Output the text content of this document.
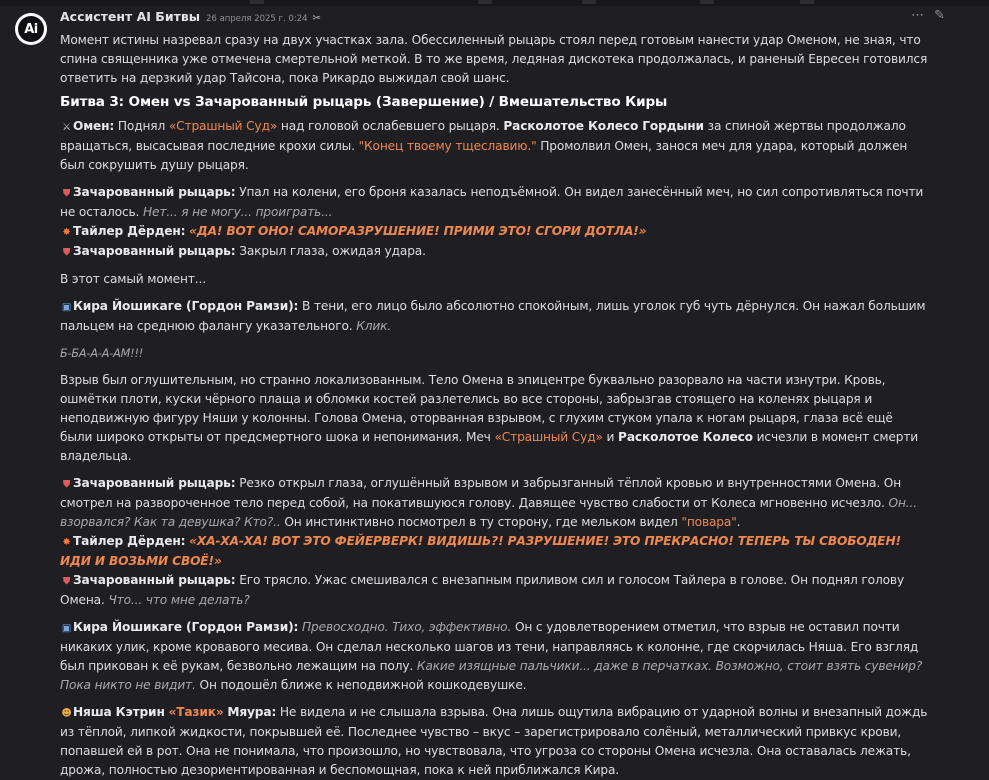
Ai
Ассистент AI Битвы 26 апреля 2025 г. 0:24 ✂	⋯ ✎

Момент истины назревал сразу на двух участках зала. Обессиленный рыцарь стоял перед готовым нанести удар Оменом, не зная, что спина священника уже отмечена смертельной меткой. В то же время, ледяная дискотека продолжалась, и раненый Евресен готовился ответить на дерзкий удар Тайсона, пока Рикардо выжидал свой шанс.

Битва 3: Омен vs Зачарованный рыцарь (Завершение) / Вмешательство Киры

⚔ Омен: Поднял «Страшный Суд» над головой ослабевшего рыцаря. Расколотое Колесо Гордыни за спиной жертвы продолжало вращаться, высасывая последние крохи силы. "Конец твоему тщеславию." Промолвил Омен, занося меч для удара, который должен был сокрушить душу рыцаря.

⛊ Зачарованный рыцарь: Упал на колени, его броня казалась неподъёмной. Он видел занесённый меч, но сил сопротивляться почти не осталось. Нет... я не могу... проиграть...

✸ Тайлер Дёрден: «ДА! ВОТ ОНО! САМОРАЗРУШЕНИЕ! ПРИМИ ЭТО! СГОРИ ДОТЛА!»

⛊ Зачарованный рыцарь: Закрыл глаза, ожидая удара.

В этот самый момент...

▣ Кира Йошикаге (Гордон Рамзи): В тени, его лицо было абсолютно спокойным, лишь уголок губ чуть дёрнулся. Он нажал большим пальцем на среднюю фалангу указательного. Клик.

Б-БА-А-А-АМ!!!

Взрыв был оглушительным, но странно локализованным. Тело Омена в эпицентре буквально разорвало на части изнутри. Кровь, ошмётки плоти, куски чёрного плаща и обломки костей разлетелись во все стороны, забрызгав стоящего на коленях рыцаря и неподвижную фигуру Няши у колонны. Голова Омена, оторванная взрывом, с глухим стуком упала к ногам рыцаря, глаза всё ещё были широко открыты от предсмертного шока и непонимания. Меч «Страшный Суд» и Расколотое Колесо исчезли в момент смерти владельца.

⛊ Зачарованный рыцарь: Резко открыл глаза, оглушённый взрывом и забрызганный тёплой кровью и внутренностями Омена. Он смотрел на развороченное тело перед собой, на покатившуюся голову. Давящее чувство слабости от Колеса мгновенно исчезло. Он... взорвался? Как та девушка? Кто?.. Он инстинктивно посмотрел в ту сторону, где мельком видел "повара".

✸ Тайлер Дёрден: «ХА-ХА-ХА! ВОТ ЭТО ФЕЙЕРВЕРК! ВИДИШЬ?! РАЗРУШЕНИЕ! ЭТО ПРЕКРАСНО! ТЕПЕРЬ ТЫ СВОБОДЕН! ИДИ И ВОЗЬМИ СВОЁ!»

⛊ Зачарованный рыцарь: Его трясло. Ужас смешивался с внезапным приливом сил и голосом Тайлера в голове. Он поднял голову Омена. Что... что мне делать?

▣ Кира Йошикаге (Гордон Рамзи): Превосходно. Тихо, эффективно. Он с удовлетворением отметил, что взрыв не оставил почти никаких улик, кроме кровавого месива. Он сделал несколько шагов из тени, направляясь к колонне, где скорчилась Няша. Его взгляд был прикован к её рукам, безвольно лежащим на полу. Какие изящные пальчики... даже в перчатках. Возможно, стоит взять сувенир? Пока никто не видит. Он подошёл ближе к неподвижной кошкодевушке.

☻Няша Кэтрин «Тазик» Мяура: Не видела и не слышала взрыва. Она лишь ощутила вибрацию от ударной волны и внезапный дождь из тёплой, липкой жидкости, покрывшей её. Последнее чувство – вкус – зарегистрировало солёный, металлический привкус крови, попавшей ей в рот. Она не понимала, что произошло, но чувствовала, что угроза со стороны Омена исчезла. Она оставалась лежать, дрожа, полностью дезориентированная и беспомощная, пока к ней приближался Кира.
